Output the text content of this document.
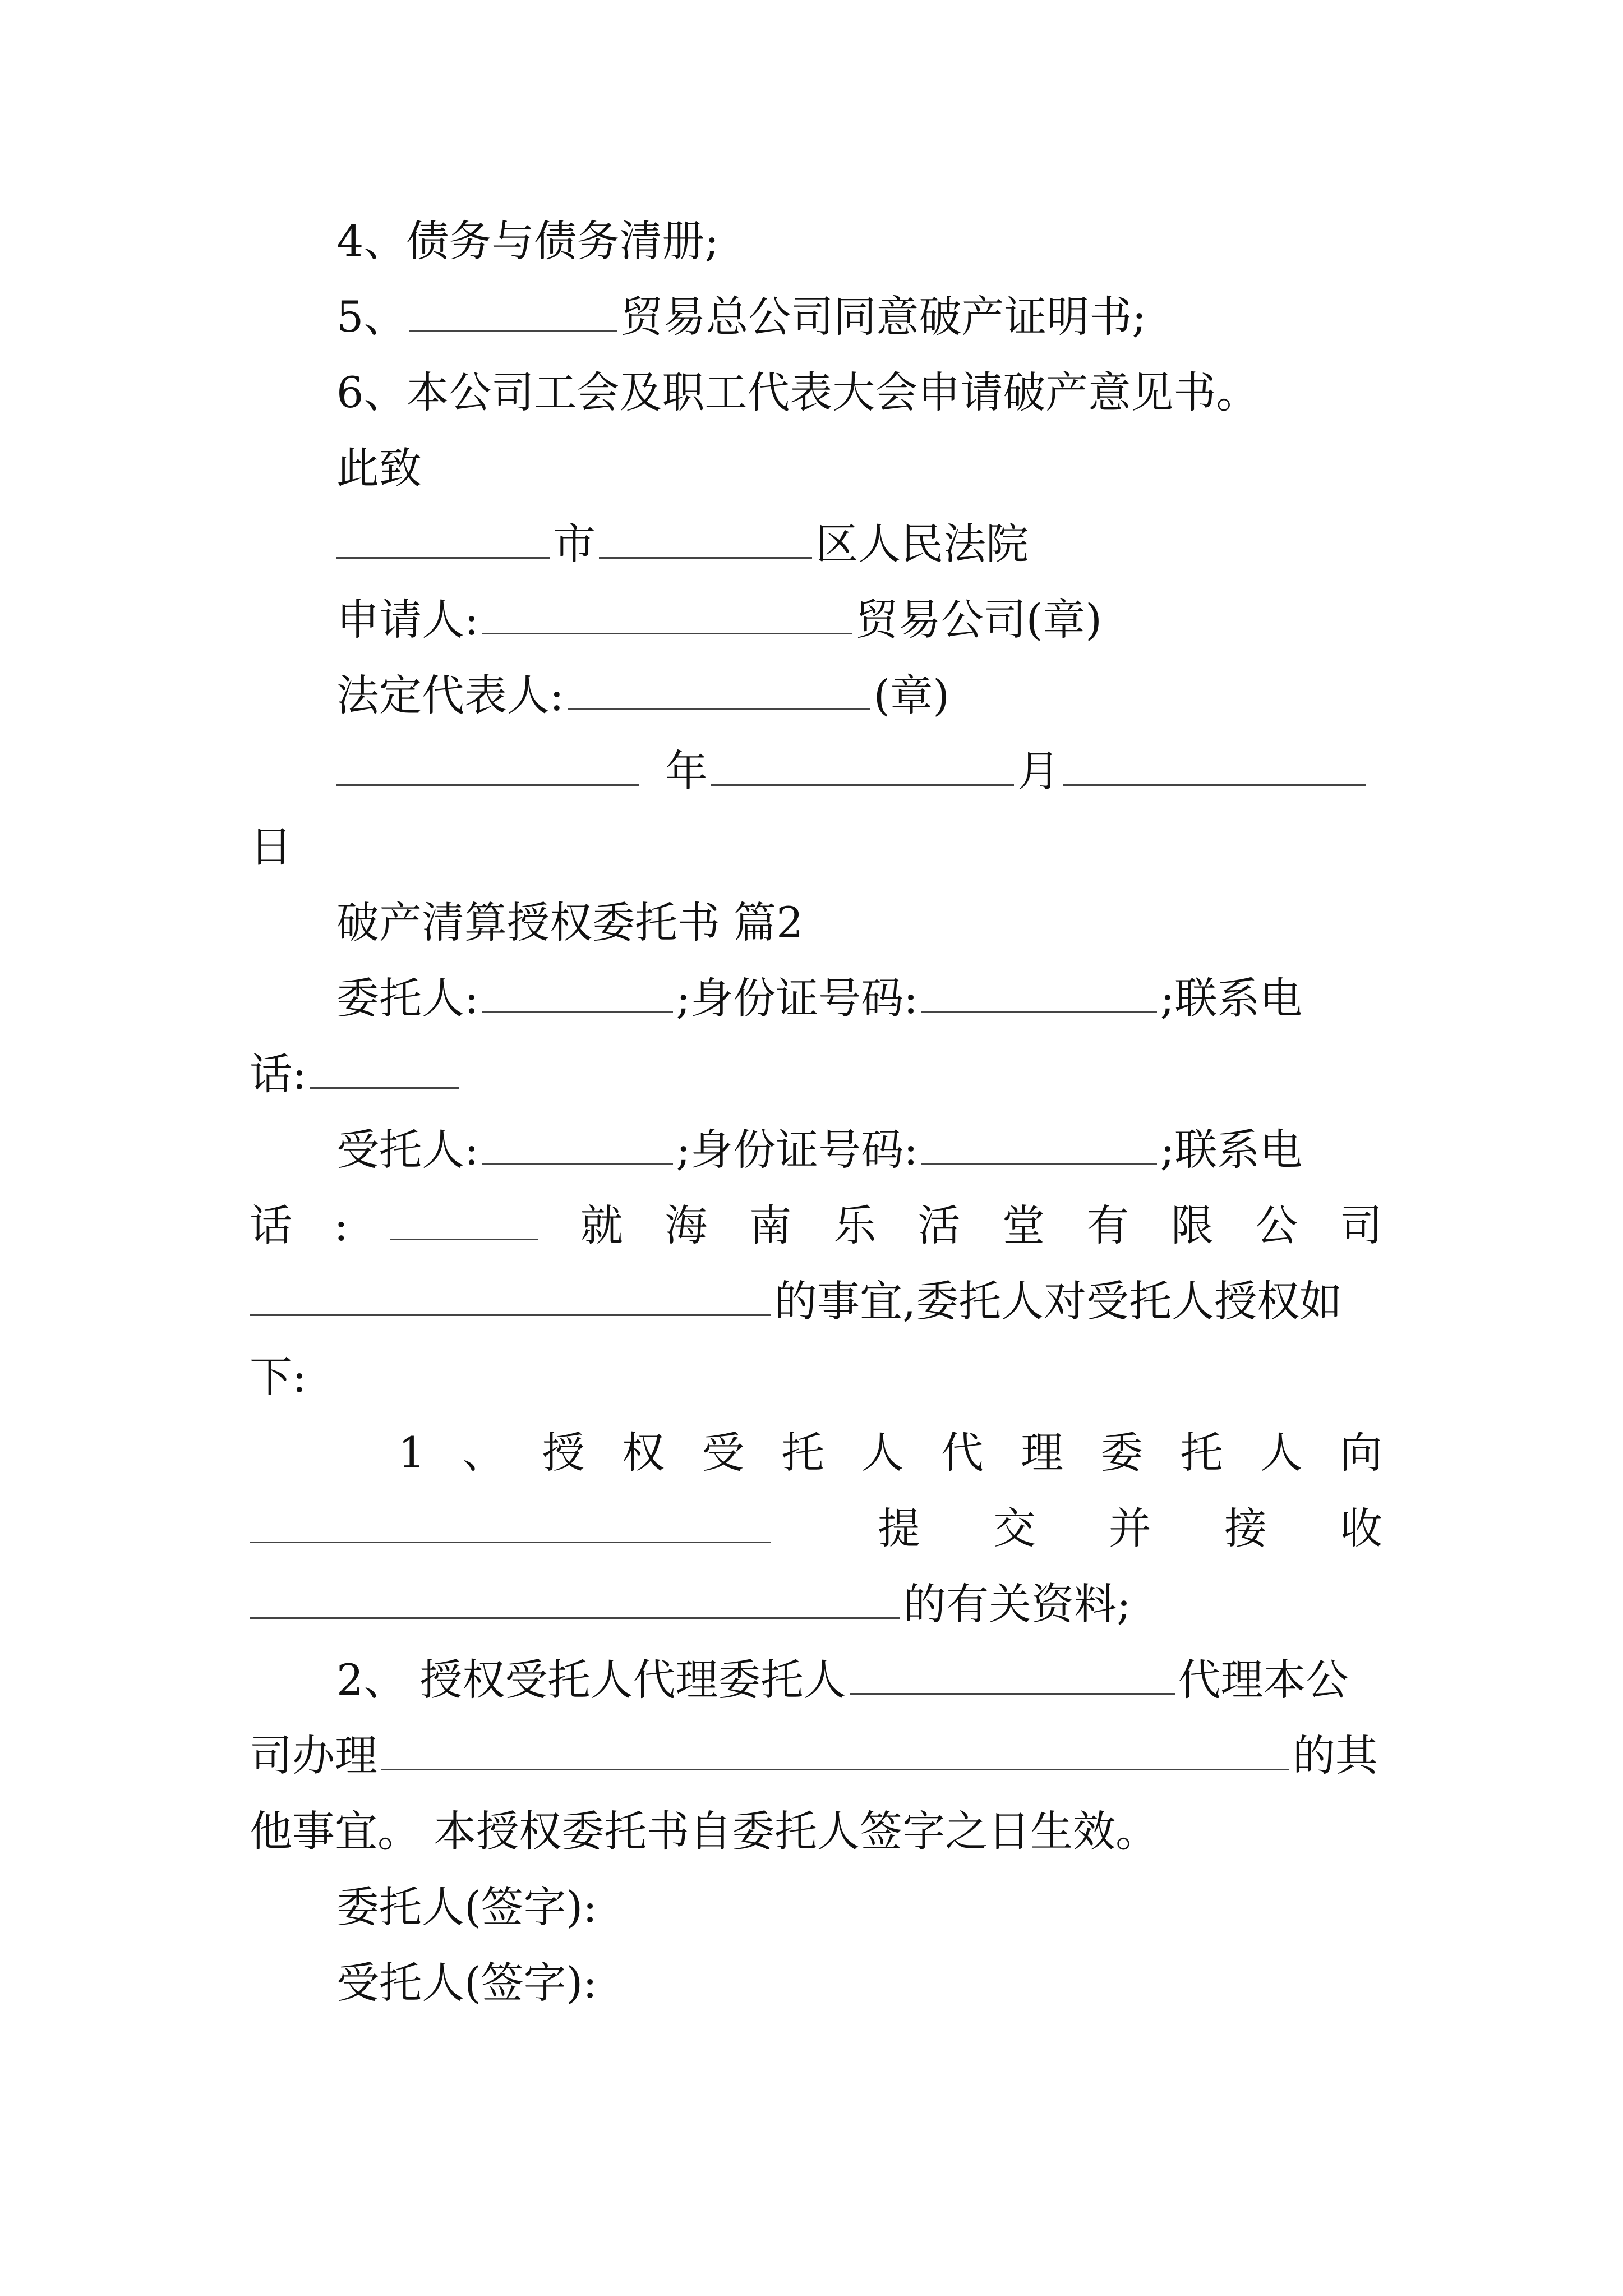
4、债务与债务清册;
5、	贸易总公司同意破产证明书;
6、本公司工会及职工代表大会申请破产意见书。
此致
市	区人民法院
申请人:	贸易公司(章)
法定代表人:	(章)
年	月
日
破产清算授权委托书 篇2
委托人:	;身份证号码:	;联系电
话:
受托人:	;身份证号码:	;联系电
话 :	就 海 南 乐 活 堂 有 限 公 司
的事宜,委托人对受托人授权如
下:
1 、 授 权 受 托 人 代 理 委 托 人 向
提 交 并 接 收
的有关资料;
2、 授权受托人代理委托人	代理本公
司办理	的其
他事宜。 本授权委托书自委托人签字之日生效。
委托人(签字):
受托人(签字):
